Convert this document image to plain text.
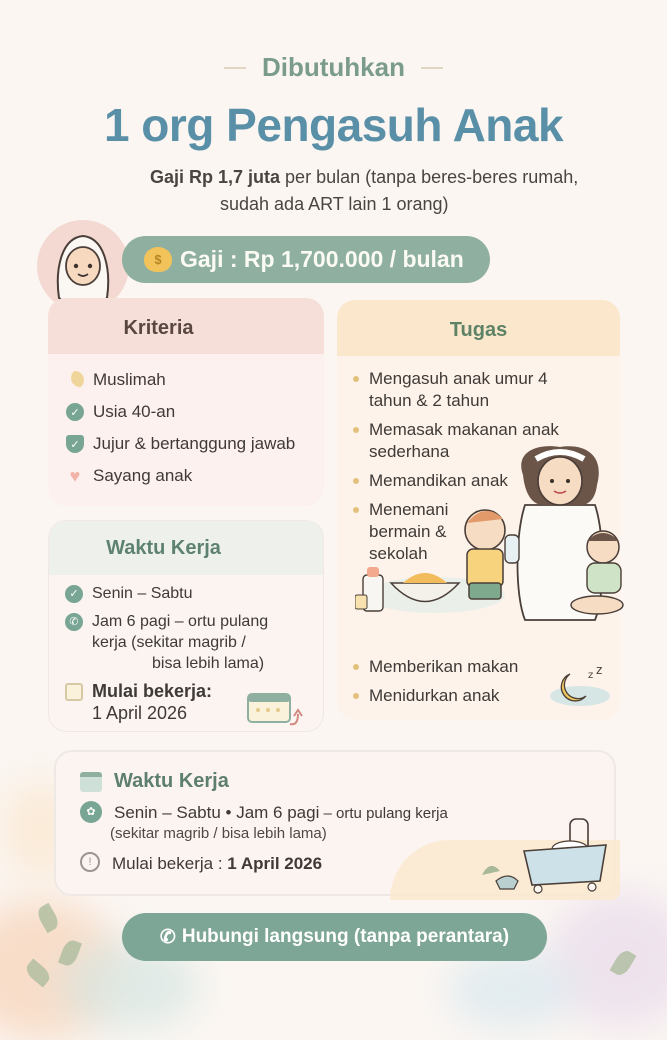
Dibutuhkan
1 org Pengasuh Anak
Gaji Rp 1,7 juta per bulan (tanpa beres-beres rumah,
sudah ada ART lain 1 orang)
$ Gaji : Rp 1,700.000 / bulan
Kriteria
Muslimah
✓ Usia 40-an
✓ Jujur & bertanggung jawab
♥ Sayang anak
Tugas
Mengasuh anak umur 4 tahun & 2 tahun
Memasak makanan anak sederhana
Memandikan anak
Menemani bermain & sekolah
Memberikan makan
Menidurkan anak
z z
Waktu Kerja
✓ Senin – Sabtu
✆ Jam 6 pagi – ortu pulang kerja (sekitar magrib /
bisa lebih lama)
Mulai bekerja:
1 April 2026
Waktu Kerja
✿	Senin – Sabtu • Jam 6 pagi – ortu pulang kerja
(sekitar magrib / bisa lebih lama)
!	Mulai bekerja : 1 April 2026
✆ Hubungi langsung (tanpa perantara)
